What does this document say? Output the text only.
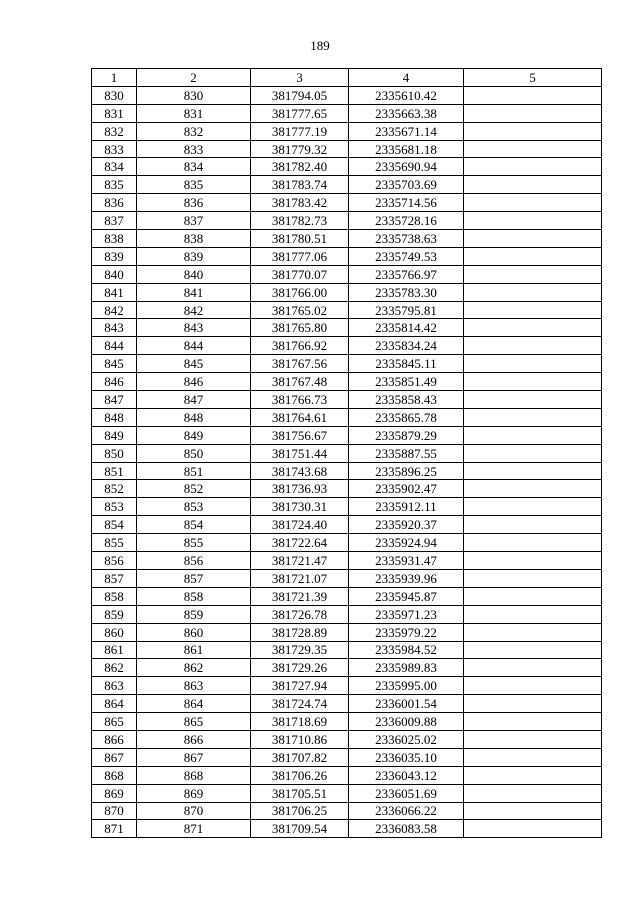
189
1	2	3	4	5
830	830	381794.05	2335610.42	
831	831	381777.65	2335663.38	
832	832	381777.19	2335671.14	
833	833	381779.32	2335681.18	
834	834	381782.40	2335690.94	
835	835	381783.74	2335703.69	
836	836	381783.42	2335714.56	
837	837	381782.73	2335728.16	
838	838	381780.51	2335738.63	
839	839	381777.06	2335749.53	
840	840	381770.07	2335766.97	
841	841	381766.00	2335783.30	
842	842	381765.02	2335795.81	
843	843	381765.80	2335814.42	
844	844	381766.92	2335834.24	
845	845	381767.56	2335845.11	
846	846	381767.48	2335851.49	
847	847	381766.73	2335858.43	
848	848	381764.61	2335865.78	
849	849	381756.67	2335879.29	
850	850	381751.44	2335887.55	
851	851	381743.68	2335896.25	
852	852	381736.93	2335902.47	
853	853	381730.31	2335912.11	
854	854	381724.40	2335920.37	
855	855	381722.64	2335924.94	
856	856	381721.47	2335931.47	
857	857	381721.07	2335939.96	
858	858	381721.39	2335945.87	
859	859	381726.78	2335971.23	
860	860	381728.89	2335979.22	
861	861	381729.35	2335984.52	
862	862	381729.26	2335989.83	
863	863	381727.94	2335995.00	
864	864	381724.74	2336001.54	
865	865	381718.69	2336009.88	
866	866	381710.86	2336025.02	
867	867	381707.82	2336035.10	
868	868	381706.26	2336043.12	
869	869	381705.51	2336051.69	
870	870	381706.25	2336066.22	
871	871	381709.54	2336083.58	
